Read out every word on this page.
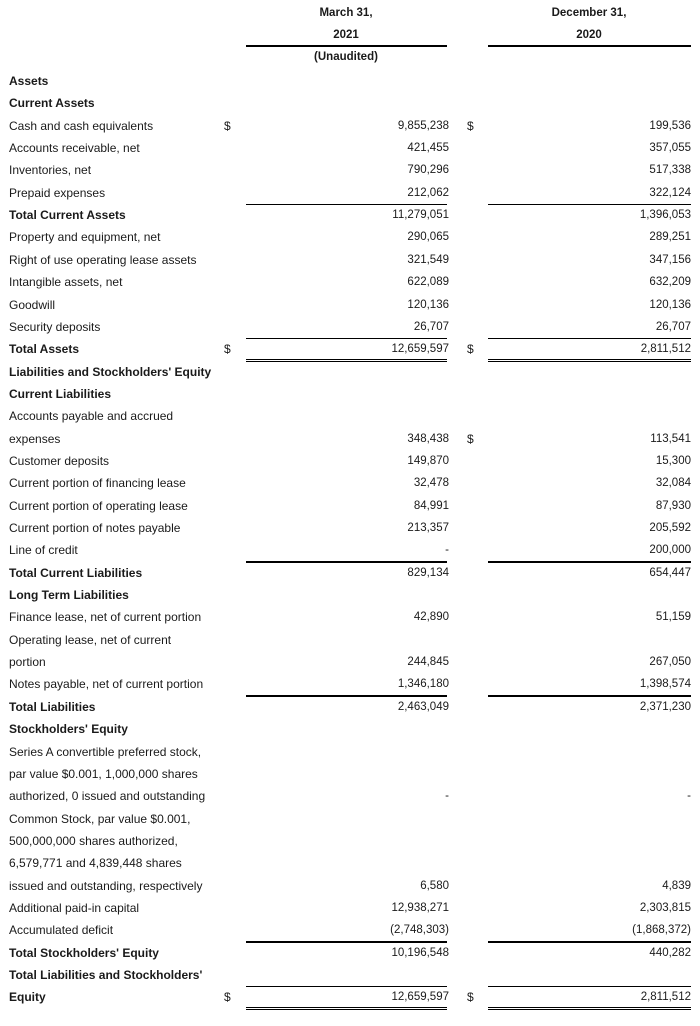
March 31,
2021
(Unaudited)
December 31,
2020
Assets
Current Assets
Cash and cash equivalents	$	9,855,238 $	199,536
Accounts receivable, net	421,455	357,055
Inventories, net	790,296	517,338
Prepaid expenses	212,062	322,124
Total Current Assets	11,279,051	1,396,053
Property and equipment, net	290,065	289,251
Right of use operating lease assets	321,549	347,156
Intangible assets, net	622,089	632,209
Goodwill	120,136	120,136
Security deposits	26,707	26,707
Total Assets	$	12,659,597 $	2,811,512
Liabilities and Stockholders' Equity
Current Liabilities
Accounts payable and accrued
expenses	348,438 $	113,541
Customer deposits	149,870	15,300
Current portion of financing lease	32,478	32,084
Current portion of operating lease	84,991	87,930
Current portion of notes payable	213,357	205,592
Line of credit	-	200,000
Total Current Liabilities	829,134	654,447
Long Term Liabilities
Finance lease, net of current portion	42,890	51,159
Operating lease, net of current
portion	244,845	267,050
Notes payable, net of current portion	1,346,180	1,398,574
Total Liabilities	2,463,049	2,371,230
Stockholders' Equity
Series A convertible preferred stock,
par value $0.001, 1,000,000 shares
authorized, 0 issued and outstanding	-	-
Common Stock, par value $0.001,
500,000,000 shares authorized,
6,579,771 and 4,839,448 shares
issued and outstanding, respectively	6,580	4,839
Additional paid-in capital	12,938,271	2,303,815
Accumulated deficit	(2,748,303)	(1,868,372)
Total Stockholders' Equity	10,196,548	440,282
Total Liabilities and Stockholders'
Equity	$	12,659,597 $	2,811,512
